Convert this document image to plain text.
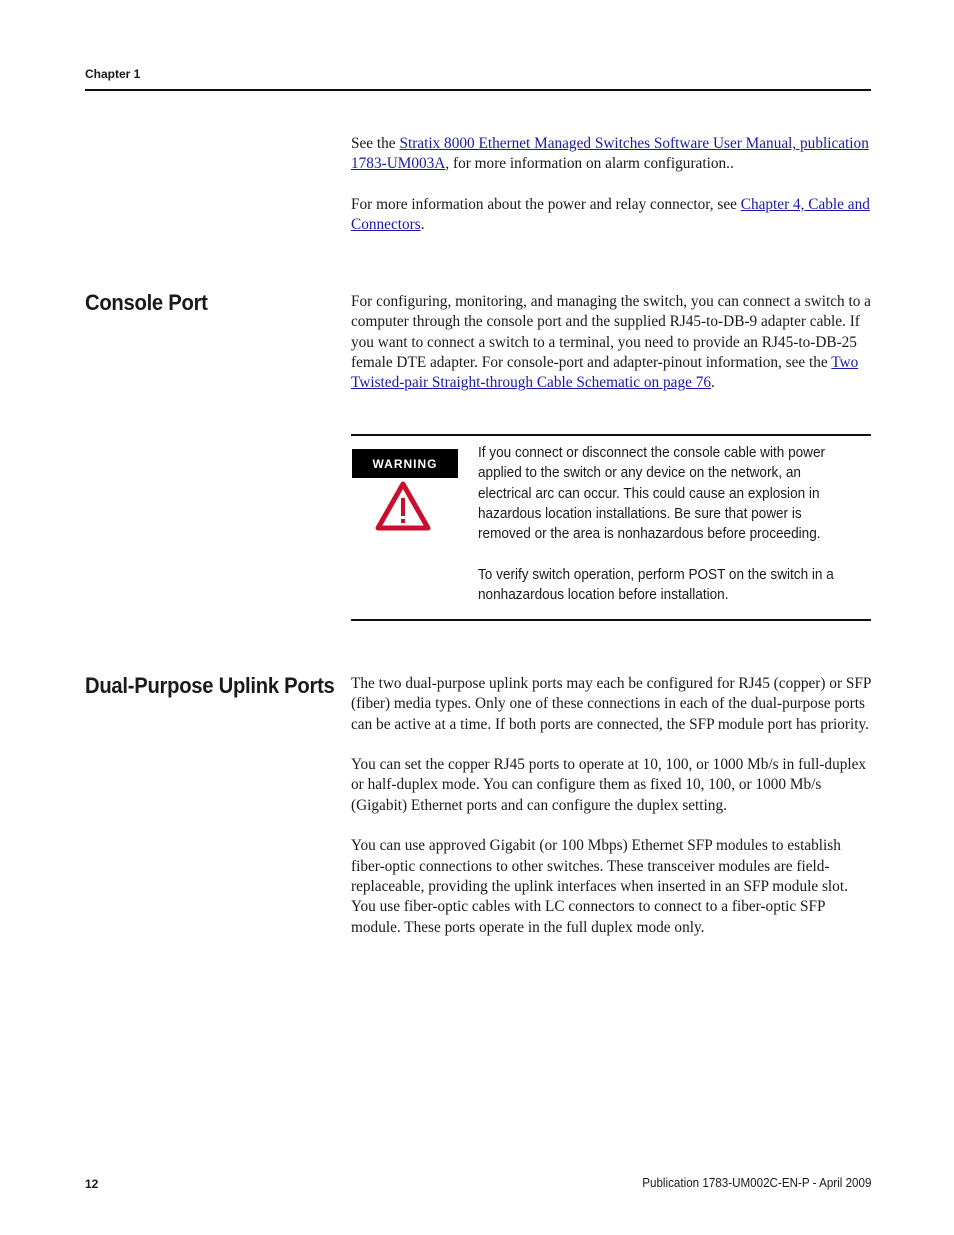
Chapter 1

See the Stratix 8000 Ethernet Managed Switches Software User Manual, publication 1783-UM003A, for more information on alarm configuration..

For more information about the power and relay connector, see Chapter 4, Cable and Connectors.

Console Port	For configuring, monitoring, and managing the switch, you can connect a switch to a computer through the console port and the supplied RJ45-to-DB-9 adapter cable. If you want to connect a switch to a terminal, you need to provide an RJ45-to-DB-25 female DTE adapter. For console-port and adapter-pinout information, see the Two Twisted-pair Straight-through Cable Schematic on page 76.

WARNING

If you connect or disconnect the console cable with power applied to the switch or any device on the network, an electrical arc can occur. This could cause an explosion in hazardous location installations. Be sure that power is removed or the area is nonhazardous before proceeding.

To verify switch operation, perform POST on the switch in a nonhazardous location before installation.

Dual-Purpose Uplink Ports The two dual-purpose uplink ports may each be configured for RJ45 (copper) or SFP (fiber) media types. Only one of these connections in each of the dual-purpose ports can be active at a time. If both ports are connected, the SFP module port has priority.

You can set the copper RJ45 ports to operate at 10, 100, or 1000 Mb/s in full-duplex or half-duplex mode. You can configure them as fixed 10, 100, or 1000 Mb/s (Gigabit) Ethernet ports and can configure the duplex setting.

You can use approved Gigabit (or 100 Mbps) Ethernet SFP modules to establish fiber-optic connections to other switches. These transceiver modules are field-replaceable, providing the uplink interfaces when inserted in an SFP module slot. You use fiber-optic cables with LC connectors to connect to a fiber-optic SFP module. These ports operate in the full duplex mode only.

12	Publication 1783-UM002C-EN-P - April 2009
